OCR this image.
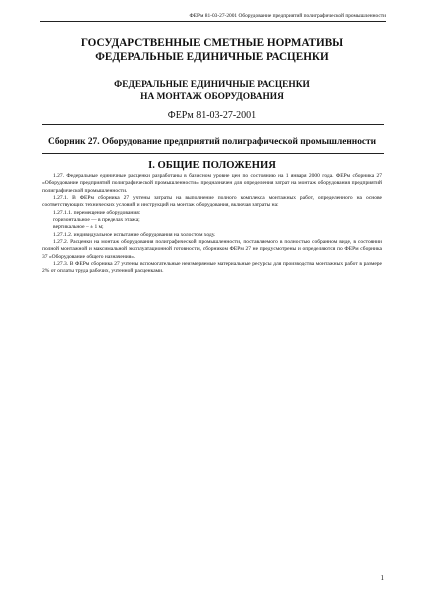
ФЕРм 81-03-27-2001 Оборудование предприятий полиграфической промышленности
ГОСУДАРСТВЕННЫЕ СМЕТНЫЕ НОРМАТИВЫ
ФЕДЕРАЛЬНЫЕ ЕДИНИЧНЫЕ РАСЦЕНКИ
ФЕДЕРАЛЬНЫЕ ЕДИНИЧНЫЕ РАСЦЕНКИ
НА МОНТАЖ ОБОРУДОВАНИЯ
ФЕРм 81-03-27-2001
Сборник 27. Оборудование предприятий полиграфической промышленности
I. ОБЩИЕ ПОЛОЖЕНИЯ

1.27. Федеральные единичные расценки разработаны в базисном уровне цен по состоянию на 1 января 2000 года. ФЕРм сборника 27 «Оборудование предприятий полиграфической промышленности» предназначен для определения затрат на монтаж оборудования предприятий полиграфической промышленности.

1.27.1. В ФЕРм сборника 27 учтены затраты на выполнение полного комплекса монтажных работ, определенного на основе соответствующих технических условий и инструкций на монтаж оборудования, включая затраты на:

1.27.1.1. перемещение оборудования:

горизонтальное — в пределах этажа;

вертикальное – ± 1 м;

1.27.1.2. индивидуальное испытание оборудования на холостом ходу.

1.27.2. Расценки на монтаж оборудования полиграфической промышленности, поставляемого в полностью собранном виде, в состоянии полной монтажной и максимальной эксплуатационной готовности, сборником ФЕРм 27 не предусмотрены и определяются по ФЕРм сборника 37 «Оборудование общего назначения».

1.27.3. В ФЕРм сборника 27 учтены вспомогательные неизмеряемые материальные ресурсы для производства монтажных работ в размере 2% от оплаты труда рабочих, учтенной расценками.

1
